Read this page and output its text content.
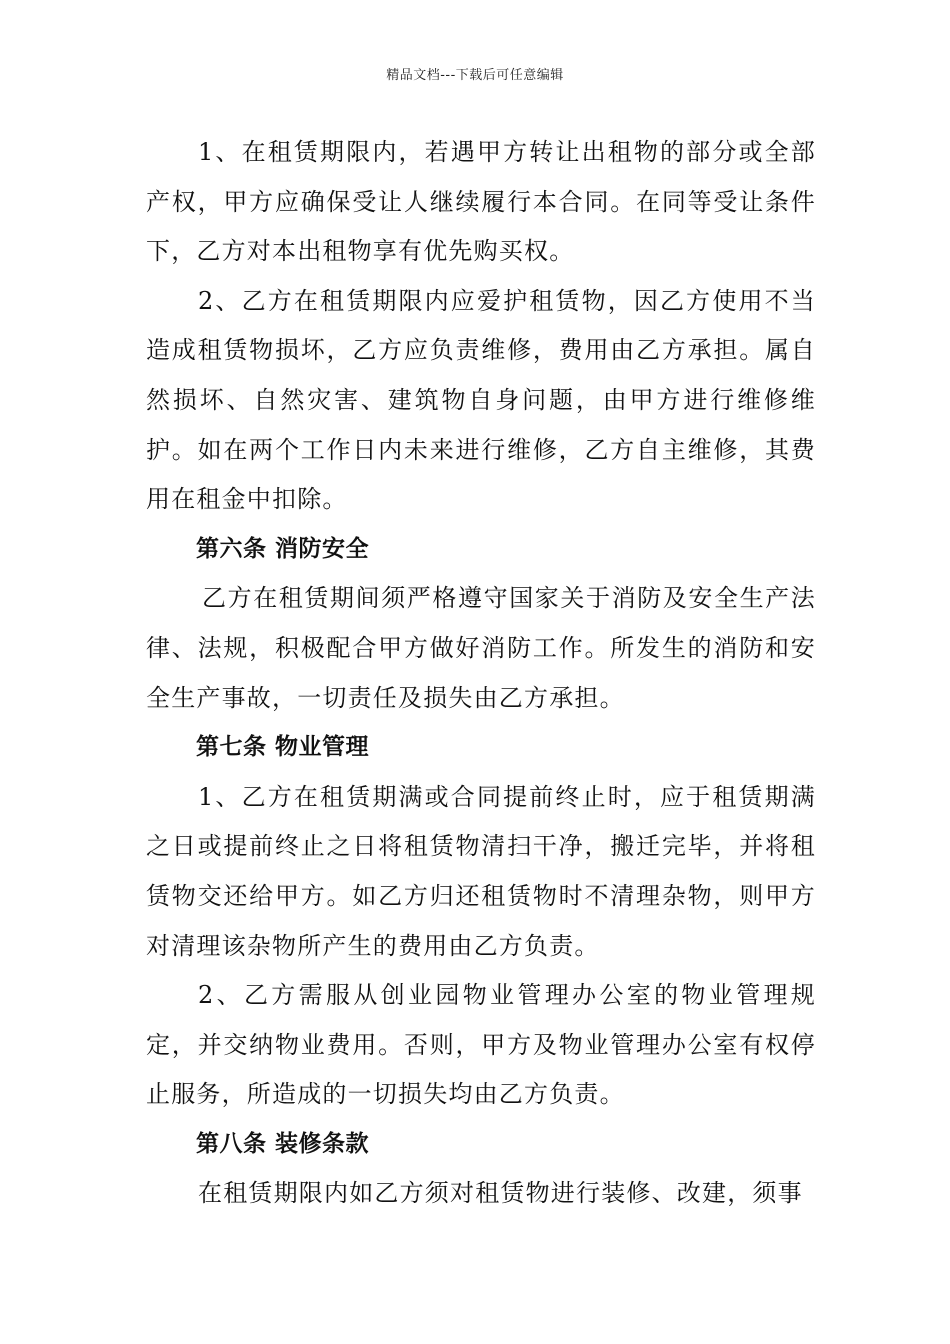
精品文档---下载后可任意编辑

1、在租赁期限内，若遇甲方转让出租物的部分或全部产权，甲方应确保受让人继续履行本合同。在同等受让条件下，乙方对本出租物享有优先购买权。

2、乙方在租赁期限内应爱护租赁物，因乙方使用不当造成租赁物损坏，乙方应负责维修，费用由乙方承担。属自然损坏、自然灾害、建筑物自身问题，由甲方进行维修维护。如在两个工作日内未来进行维修，乙方自主维修，其费用在租金中扣除。

第六条 消防安全

乙方在租赁期间须严格遵守国家关于消防及安全生产法律、法规，积极配合甲方做好消防工作。所发生的消防和安全生产事故，一切责任及损失由乙方承担。

第七条 物业管理

1、乙方在租赁期满或合同提前终止时，应于租赁期满之日或提前终止之日将租赁物清扫干净，搬迁完毕，并将租赁物交还给甲方。如乙方归还租赁物时不清理杂物，则甲方对清理该杂物所产生的费用由乙方负责。

2、乙方需服从创业园物业管理办公室的物业管理规定，并交纳物业费用。否则，甲方及物业管理办公室有权停止服务，所造成的一切损失均由乙方负责。

第八条 装修条款

在租赁期限内如乙方须对租赁物进行装修、改建，须事
